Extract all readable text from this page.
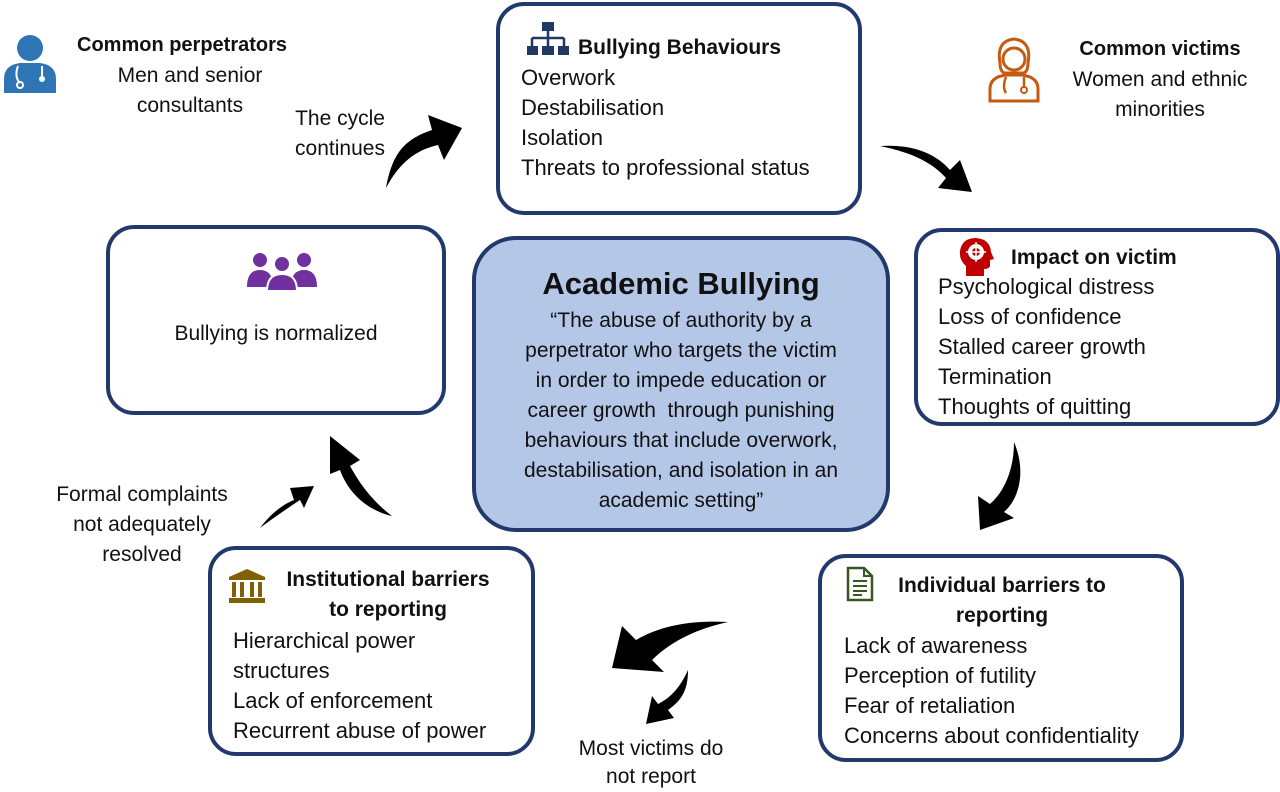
Common perpetrators
Men and senior
consultants
Common victims
Women and ethnic
minorities
The cycle
continues
Bullying Behaviours
Overwork
Destabilisation
Isolation
Threats to professional status
Bullying is normalized
Academic Bullying
“The abuse of authority by a
perpetrator who targets the victim
in order to impede education or
career growth  through punishing
behaviours that include overwork,
destabilisation, and isolation in an
academic setting”
Impact on victim
Psychological distress
Loss of confidence
Stalled career growth
Termination
Thoughts of quitting
Individual barriers to
reporting
Lack of awareness
Perception of futility
Fear of retaliation
Concerns about confidentiality
Institutional barriers
to reporting
Hierarchical power
structures
Lack of enforcement
Recurrent abuse of power
Formal complaints
not adequately
resolved
Most victims do
not report
